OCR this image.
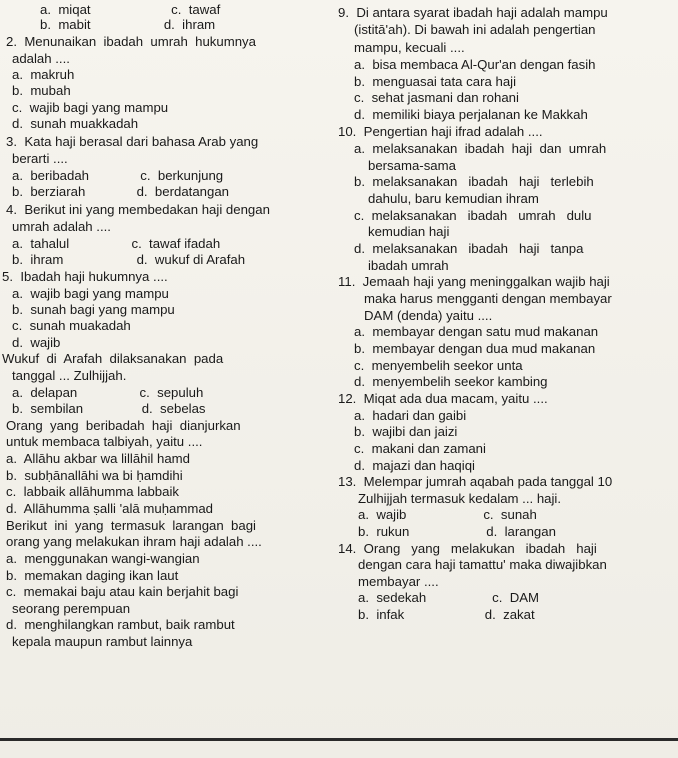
a.  miqat                      c.  tawaf
b.  mabit                    d.  ihram
2.  Menunaikan  ibadah  umrah  hukumnya
adalah ....
a.  makruh
b.  mubah
c.  wajib bagi yang mampu
d.  sunah muakkadah
3.  Kata haji berasal dari bahasa Arab yang
berarti ....
a.  beribadah              c.  berkunjung
b.  berziarah              d.  berdatangan
4.  Berikut ini yang membedakan haji dengan
umrah adalah ....
a.  tahalul                 c.  tawaf ifadah
b.  ihram                    d.  wukuf di Arafah
5.  Ibadah haji hukumnya ....
a.  wajib bagi yang mampu
b.  sunah bagi yang mampu
c.  sunah muakadah
d.  wajib
Wukuf  di  Arafah  dilaksanakan  pada
tanggal ... Zulhijjah.
a.  delapan                 c.  sepuluh
b.  sembilan                d.  sebelas
Orang  yang  beribadah  haji  dianjurkan
untuk membaca talbiyah, yaitu ....
a.  Allāhu akbar wa lillāhil hamd
b.  subḥānallāhi wa bi ḥamdihi
c.  labbaik allāhumma labbaik
d.  Allāhumma ṣalli 'alā muḥammad
Berikut  ini  yang  termasuk  larangan  bagi
orang yang melakukan ihram haji adalah ....
a.  menggunakan wangi-wangian
b.  memakan daging ikan laut
c.  memakai baju atau kain berjahit bagi
seorang perempuan
d.  menghilangkan rambut, baik rambut
kepala maupun rambut lainnya
9.  Di antara syarat ibadah haji adalah mampu
(istitā'ah). Di bawah ini adalah pengertian
mampu, kecuali ....
a.  bisa membaca Al-Qur'an dengan fasih
b.  menguasai tata cara haji
c.  sehat jasmani dan rohani
d.  memiliki biaya perjalanan ke Makkah
10.  Pengertian haji ifrad adalah ....
a.  melaksanakan  ibadah  haji  dan  umrah
bersama-sama
b.  melaksanakan   ibadah   haji   terlebih
dahulu, baru kemudian ihram
c.  melaksanakan   ibadah   umrah   dulu
kemudian haji
d.  melaksanakan   ibadah   haji   tanpa
ibadah umrah
11.  Jemaah haji yang meninggalkan wajib haji
maka harus mengganti dengan membayar
DAM (denda) yaitu ....
a.  membayar dengan satu mud makanan
b.  membayar dengan dua mud makanan
c.  menyembelih seekor unta
d.  menyembelih seekor kambing
12.  Miqat ada dua macam, yaitu ....
a.  hadari dan gaibi
b.  wajibi dan jaizi
c.  makani dan zamani
d.  majazi dan haqiqi
13.  Melempar jumrah aqabah pada tanggal 10
Zulhijjah termasuk kedalam ... haji.
a.  wajib                     c.  sunah
b.  rukun                     d.  larangan
14.  Orang   yang   melakukan   ibadah   haji
dengan cara haji tamattu' maka diwajibkan
membayar ....
a.  sedekah                  c.  DAM
b.  infak                      d.  zakat
